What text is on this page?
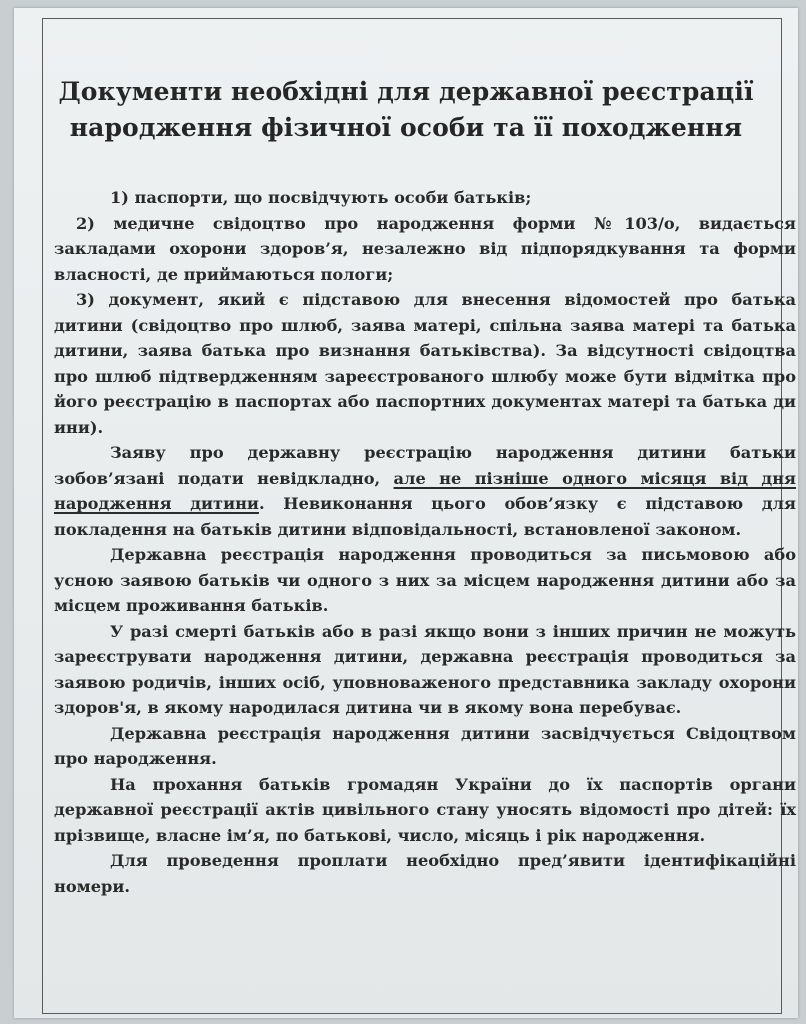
Документи необхідні для державної реєстрації
народження фізичної особи та її походження

1) паспорти, що посвідчують особи батьків;

2) медичне свідоцтво про народження форми №103/о, видається закладами охорони здоров’я, незалежно від підпорядкування та форми власності, де приймаються пологи;

3) документ, який є підставою для внесення відомостей про батька дитини (свідоцтво про шлюб, заява матері, спільна заява матері та батька дитини, заява батька про визнання батьківства). За відсутності свідоцтва про шлюб підтвердженням зареєстрованого шлюбу може бути відмітка про його реєстрацію в паспортах або паспортних документах матері та батька ди ини).

Заяву про державну реєстрацію народження дитини батьки зобов’язані подати невідкладно, але не пізніше одного місяця від дня народження дитини. Невиконання цього обов’язку є підставою для покладення на батьків дитини відповідальності, встановленої законом.

Державна реєстрація народження проводиться за письмовою або усною заявою батьків чи одного з них за місцем народження дитини або за місцем проживання батьків.

У разі смерті батьків або в разі якщо вони з інших причин не можуть зареєструвати народження дитини, державна реєстрація проводиться за заявою родичів, інших осіб, уповноваженого представника закладу охорони здоров'я, в якому народилася дитина чи в якому вона перебуває.

Державна реєстрація народження дитини засвідчується Свідоцтвом про народження.

На прохання батьків громадян України до їх паспортів органи державної реєстрації актів цивільного стану уносять відомості про дітей: їх прізвище, власне ім’я, по батькові, число, місяць і рік народження.

Для проведення проплати необхідно пред’явити ідентифікаційні номери.
